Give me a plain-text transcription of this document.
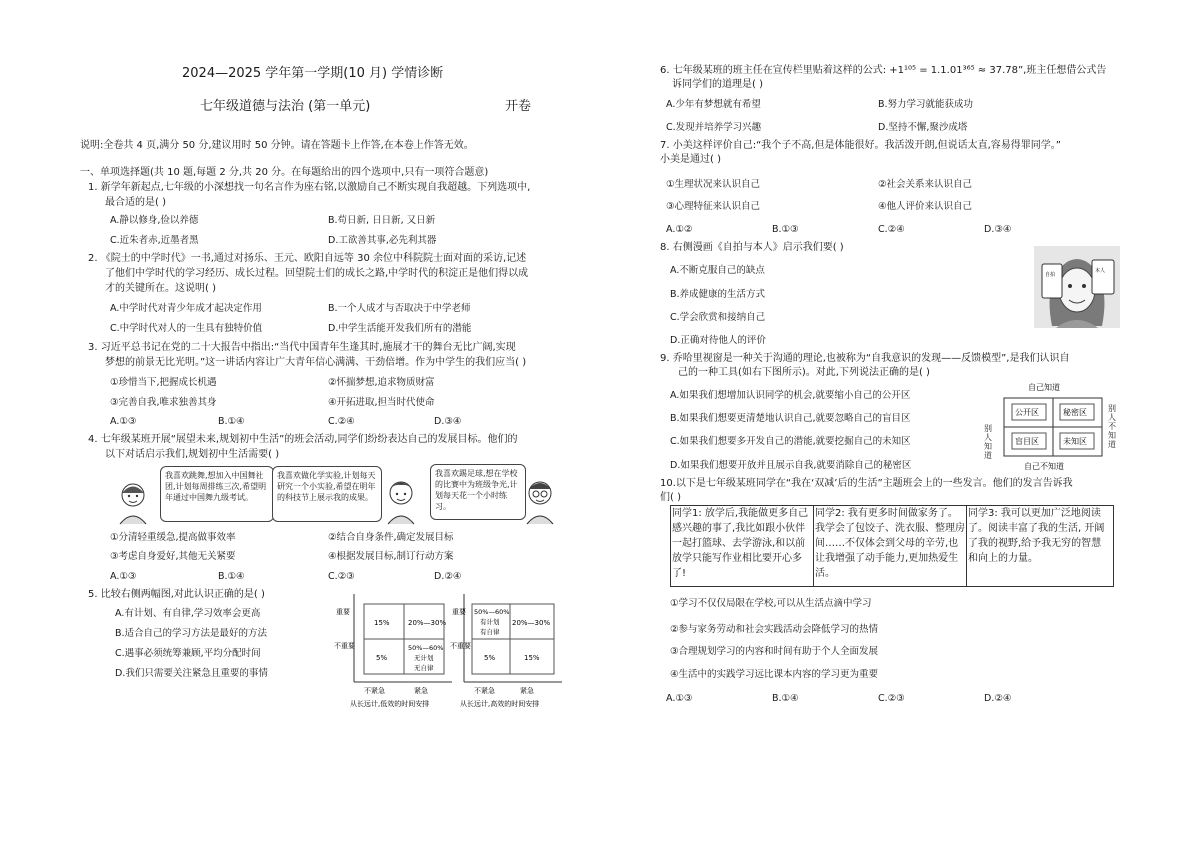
2024—2025 学年第一学期(10 月) 学情诊断
七年级道德与法治 (第一单元)	开卷
说明:全卷共 4 页,满分 50 分,建议用时 50 分钟。请在答题卡上作答,在本卷上作答无效。
一、单项选择题(共 10 题,每题 2 分,共 20 分。在每题给出的四个选项中,只有一项符合题意)
1. 新学年新起点,七年级的小深想找一句名言作为座右铭,以激励自己不断实现自我超越。下列选项中,
最合适的是( )
A.静以修身,俭以养德	B.苟日新, 日日新, 又日新
C.近朱者赤,近墨者黑	D.工欲善其事,必先利其器
2. 《院士的中学时代》一书,通过对扬乐、王元、欧阳自远等 30 余位中科院院士面对面的采访,记述
了他们中学时代的学习经历、成长过程。回望院士们的成长之路,中学时代的积淀正是他们得以成
才的关键所在。这说明( )
A.中学时代对青少年成才起决定作用	B.一个人成才与否取决于中学老师
C.中学时代对人的一生具有独特价值	D.中学生活能开发我们所有的潜能
3. 习近平总书记在党的二十大报告中指出:“当代中国青年生逢其时,施展才干的舞台无比广阔,实现
梦想的前景无比光明。”这一讲话内容让广大青年信心满满、干劲倍增。作为中学生的我们应当( )
①珍惜当下,把握成长机遇	②怀揣梦想,追求物质财富
③完善自我,唯求独善其身	④开拓进取,担当时代使命
A.①③	B.①④	C.②④	D.③④
4. 七年级某班开展“展望未来,规划初中生活”的班会活动,同学们纷纷表达自己的发展目标。他们的
以下对话启示我们,规划初中生活需要( )
我喜欢跳舞,想加入中国舞社团,计划每周排练三次,希望明年通过中国舞九级考试。
我喜欢做化学实验,计划每天研究一个小实验,希望在明年的科技节上展示我的成果。
我喜欢踢足球,想在学校的比赛中为班级争光,计划每天花一个小时练习。
①分清轻重缓急,提高做事效率	②结合自身条件,确定发展目标
③考虑自身爱好,其他无关紧要	④根据发展目标,制订行动方案
A.①③	B.①④	C.②③	D.②④
5. 比较右侧两幅图,对此认识正确的是( )
A.有计划、有自律,学习效率会更高
B.适合自己的学习方法是最好的方法
C.遇事必须统筹兼顾,平均分配时间
D.我们只需要关注紧急且重要的事情
重要
不重要
15%	20%—30%
5%
50%—60%
无计划
无自律
不紧急	紧急
从长远计,低效的时间安排
重要
不重要
50%—60%
有计划
有自律
20%—30%
5%	15%
不紧急	紧急
从长远计,高效的时间安排
6. 七年级某班的班主任在宣传栏里贴着这样的公式: +1¹⁰⁵ = 1.1.01³⁶⁵ ≈ 37.78”,班主任想借公式告
诉同学们的道理是( )
A.少年有梦想就有希望	B.努力学习就能获成功
C.发现并培养学习兴趣	D.坚持不懈,聚沙成塔
7. 小美这样评价自己:“我个子不高,但是体能很好。我活泼开朗,但说话太直,容易得罪同学。”
小美是通过( )
①生理状况来认识自己	②社会关系来认识自己
③心理特征来认识自己	④他人评价来认识自己
A.①②	B.①③	C.②④	D.③④
8. 右侧漫画《自拍与本人》启示我们要( )
A.不断克服自己的缺点
B.养成健康的生活方式
C.学会欣赏和接纳自己
D.正确对待他人的评价
自拍
本人
9. 乔哈里视窗是一种关于沟通的理论,也被称为“自我意识的发现——反馈模型”,是我们认识自
己的一种工具(如右下图所示)。对此,下列说法正确的是( )
A.如果我们想增加认识同学的机会,就要缩小自己的公开区
B.如果我们想要更清楚地认识自己,就要忽略自己的盲目区
C.如果我们想要多开发自己的潜能,就要挖掘自己的未知区
D.如果我们想要开放并且展示自我,就要消除自己的秘密区
自己知道
自己不知道
公开区	秘密区
盲目区	未知区
别人知道
别人不知道
10.以下是七年级某班同学在“我在‘双减’后的生活”主题班会上的一些发言。他们的发言告诉我
们( )
同学1: 放学后,我能做更多自己感兴趣的事了,我比如跟小伙伴一起打篮球、去学游泳,和以前放学只能写作业相比要开心多了!
同学2: 我有更多时间做家务了。我学会了包饺子、洗衣服、整理房间……不仅体会到父母的辛劳,也让我增强了动手能力,更加热爱生活。
同学3: 我可以更加广泛地阅读了。阅读丰富了我的生活, 开阔了我的视野,给予我无穷的智慧和向上的力量。
①学习不仅仅局限在学校,可以从生活点滴中学习
②参与家务劳动和社会实践活动会降低学习的热情
③合理规划学习的内容和时间有助于个人全面发展
④生活中的实践学习远比课本内容的学习更为重要
A.①③	B.①④	C.②③	D.②④
